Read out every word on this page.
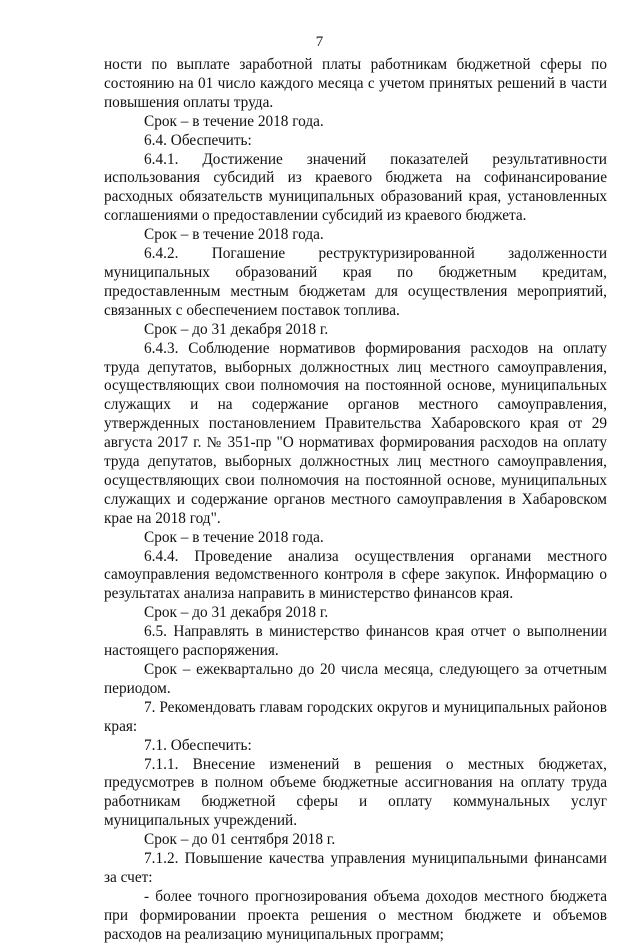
7

ности по выплате заработной платы работникам бюджетной сферы по состоянию на 01 число каждого месяца с учетом принятых решений в части повышения оплаты труда.

Срок – в течение 2018 года.

6.4. Обеспечить:

6.4.1. Достижение значений показателей результативности использования субсидий из краевого бюджета на софинансирование расходных обязательств муниципальных образований края, установленных соглашениями о предоставлении субсидий из краевого бюджета.

Срок – в течение 2018 года.

6.4.2. Погашение реструктуризированной задолженности муниципальных образований края по бюджетным кредитам, предоставленным местным бюджетам для осуществления мероприятий, связанных с обеспечением поставок топлива.

Срок – до 31 декабря 2018 г.

6.4.3. Соблюдение нормативов формирования расходов на оплату труда депутатов, выборных должностных лиц местного самоуправления, осуществляющих свои полномочия на постоянной основе, муниципальных служащих и на содержание органов местного самоуправления, утвержденных постановлением Правительства Хабаровского края от 29 августа 2017 г. № 351-пр "О нормативах формирования расходов на оплату труда депутатов, выборных должностных лиц местного самоуправления, осуществляющих свои полномочия на постоянной основе, муниципальных служащих и содержание органов местного самоуправления в Хабаровском крае на 2018 год".

Срок – в течение 2018 года.

6.4.4. Проведение анализа осуществления органами местного самоуправления ведомственного контроля в сфере закупок. Информацию о результатах анализа направить в министерство финансов края.

Срок – до 31 декабря 2018 г.

6.5. Направлять в министерство финансов края отчет о выполнении настоящего распоряжения.

Срок – ежеквартально до 20 числа месяца, следующего за отчетным периодом.

7. Рекомендовать главам городских округов и муниципальных районов края:

7.1. Обеспечить:

7.1.1. Внесение изменений в решения о местных бюджетах, предусмотрев в полном объеме бюджетные ассигнования на оплату труда работникам бюджетной сферы и оплату коммунальных услуг муниципальных учреждений.

Срок – до 01 сентября 2018 г.

7.1.2. Повышение качества управления муниципальными финансами за счет:

- более точного прогнозирования объема доходов местного бюджета при формировании проекта решения о местном бюджете и объемов расходов на реализацию муниципальных программ;
